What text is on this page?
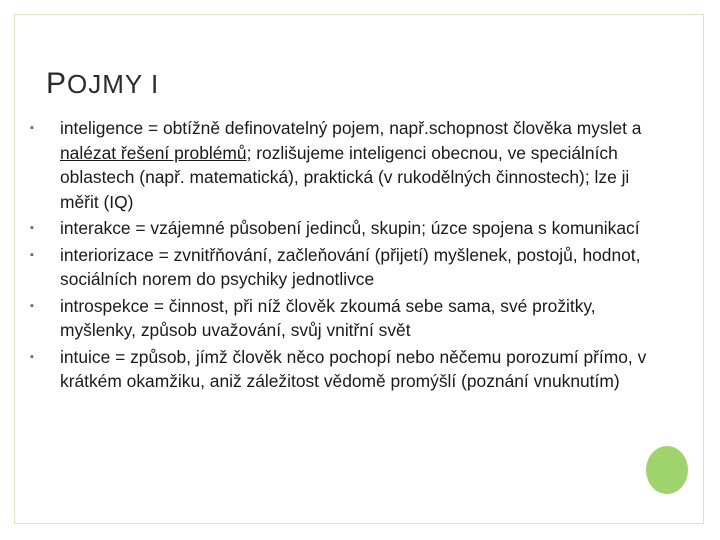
POJMY I
▪ inteligence = obtížně definovatelný pojem, např.schopnost člověka myslet a nalézat řešení problémů; rozlišujeme inteligenci obecnou, ve speciálních oblastech (např. matematická), praktická (v rukodělných činnostech); lze ji měřit (IQ)
▪ interakce = vzájemné působení jedinců, skupin; úzce spojena s komunikací
▪ interiorizace = zvnitřňování, začleňování (přijetí) myšlenek, postojů, hodnot, sociálních norem do psychiky jednotlivce
▪ introspekce = činnost, při níž člověk zkoumá sebe sama, své prožitky, myšlenky, způsob uvažování, svůj vnitřní svět
▪ intuice = způsob, jímž člověk něco pochopí nebo něčemu porozumí přímo, v krátkém okamžiku, aniž záležitost vědomě promýšlí (poznání vnuknutím)
